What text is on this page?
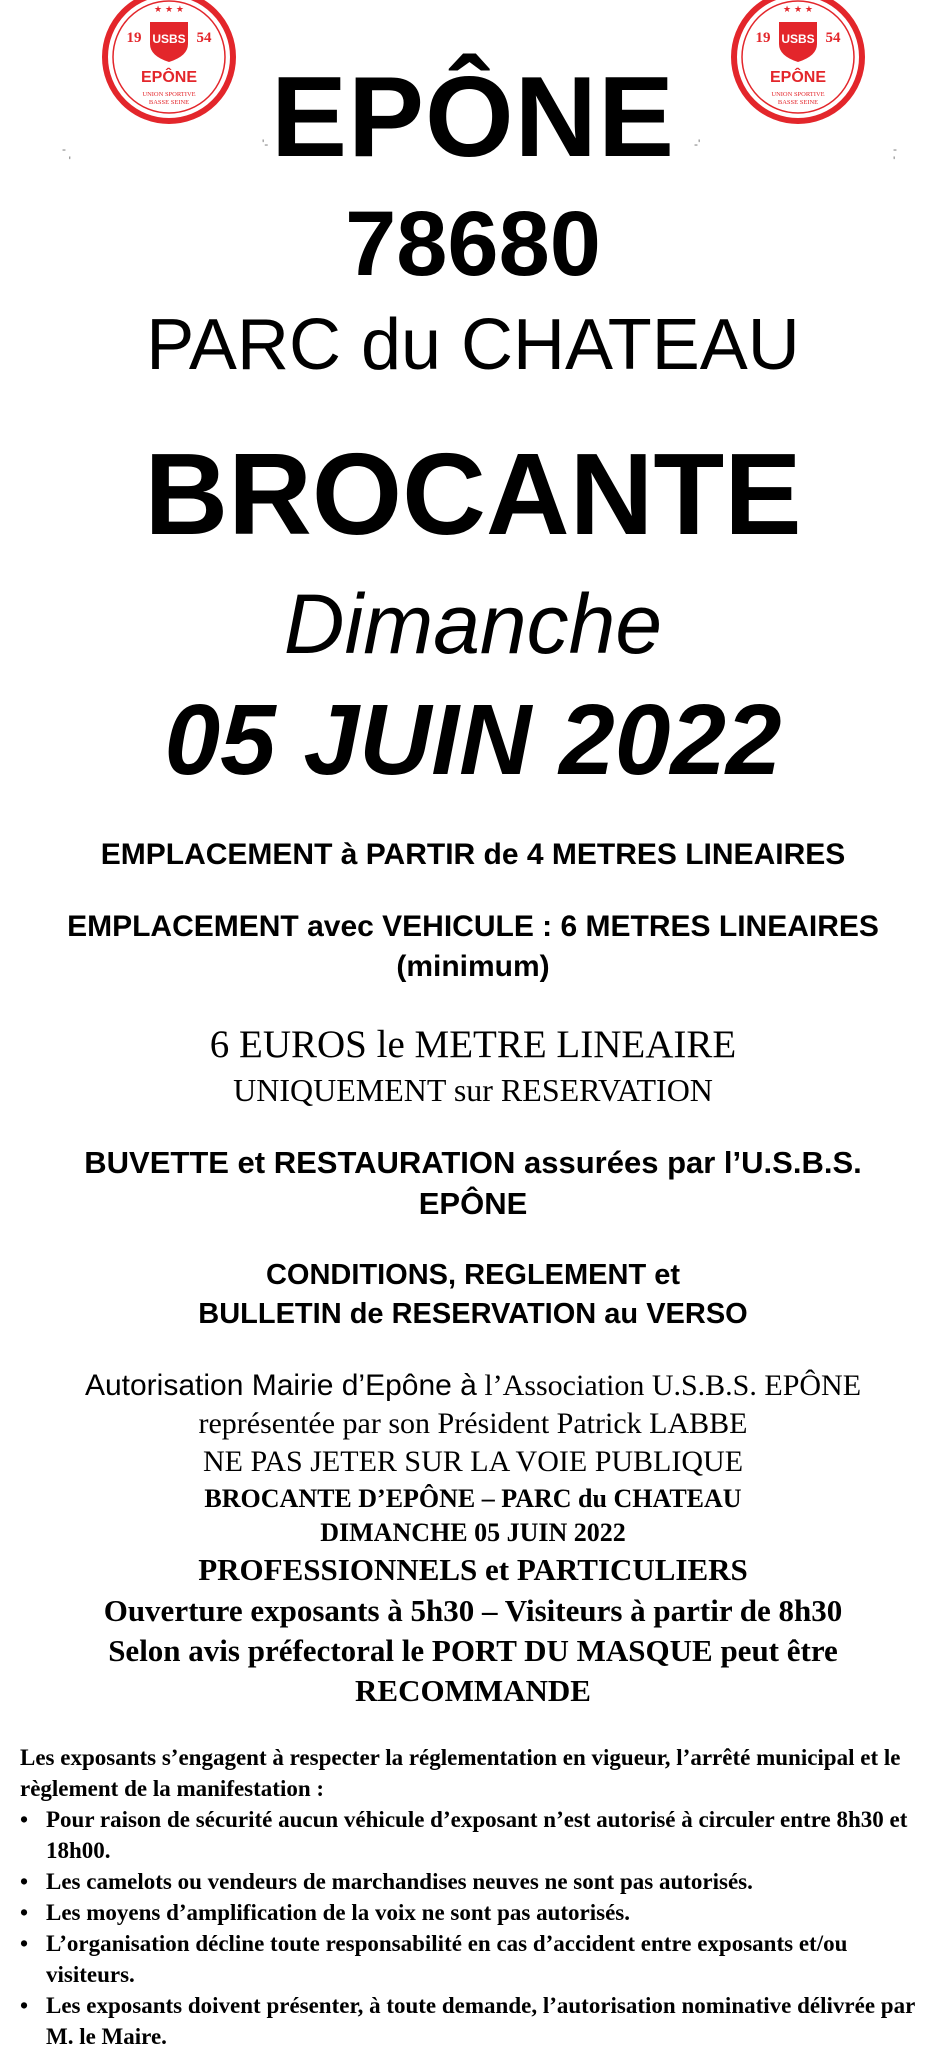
★ ★ ★
19	54
USBS
EPÔNE
UNION SPORTIVE
BASSE SEINE
★ ★ ★
19	54
USBS
EPÔNE
UNION SPORTIVE
BASSE SEINE
-
'
'-	-'	-
'
EPÔNE
78680
PARC du CHATEAU
BROCANTE
Dimanche
05 JUIN 2022
EMPLACEMENT à PARTIR de 4 METRES LINEAIRES
EMPLACEMENT avec VEHICULE : 6 METRES LINEAIRES
(minimum)
6 EUROS le METRE LINEAIRE
UNIQUEMENT sur RESERVATION
BUVETTE et RESTAURATION assurées par l’U.S.B.S.
EPÔNE
CONDITIONS, REGLEMENT et
BULLETIN de RESERVATION au VERSO
Autorisation Mairie d’Epône à l’Association U.S.B.S. EPÔNE
représentée par son Président Patrick LABBE
NE PAS JETER SUR LA VOIE PUBLIQUE
BROCANTE D’EPÔNE – PARC du CHATEAU
DIMANCHE 05 JUIN 2022
PROFESSIONNELS et PARTICULIERS
Ouverture exposants à 5h30 – Visiteurs à partir de 8h30
Selon avis préfectoral le PORT DU MASQUE peut être
RECOMMANDE
Les exposants s’engagent à respecter la réglementation en vigueur, l’arrêté municipal et le règlement de la manifestation :
• Pour raison de sécurité aucun véhicule d’exposant n’est autorisé à circuler entre 8h30 et 18h00.
• Les camelots ou vendeurs de marchandises neuves ne sont pas autorisés.
• Les moyens d’amplification de la voix ne sont pas autorisés.
• L’organisation décline toute responsabilité en cas d’accident entre exposants et/ou visiteurs.
• Les exposants doivent présenter, à toute demande, l’autorisation nominative délivrée par M. le Maire.
